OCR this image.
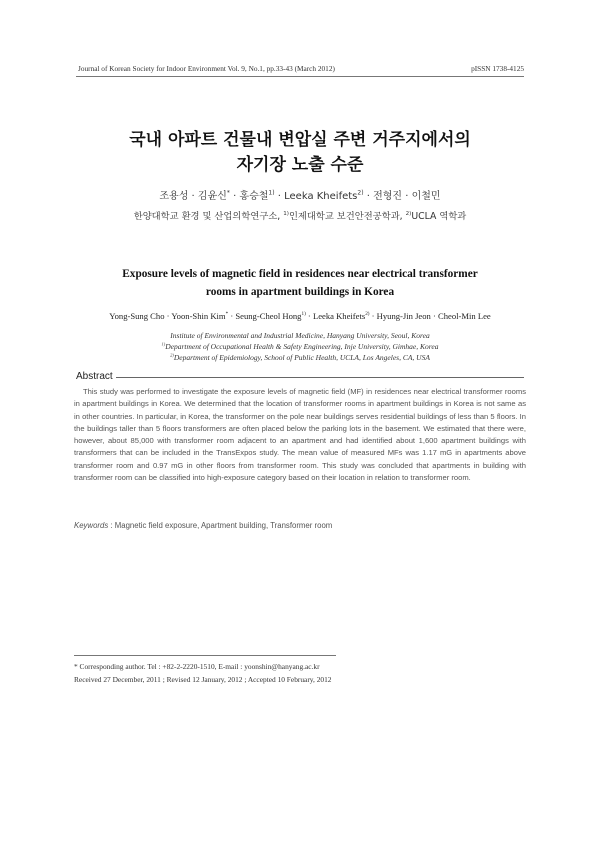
Journal of Korean Society for Indoor Environment Vol. 9, No.1, pp.33-43 (March 2012)	pISSN 1738-4125
국내 아파트 건물내 변압실 주변 거주지에서의
자기장 노출 수준
조용성 · 김윤신* · 홍승철$^{1)}$ · Leeka Kheifets$^{2)}$ · 전형진 · 이철민
한양대학교 환경 및 산업의학연구소, $^{1)}$인제대학교 보건안전공학과, $^{2)}$UCLA 역학과
Exposure levels of magnetic field in residences near electrical transformer
rooms in apartment buildings in Korea
Yong-Sung Cho · Yoon-Shin Kim* · Seung-Cheol Hong$^{1)}$ · Leeka Kheifets$^{2)}$ · Hyung-Jin Jeon · Cheol-Min Lee
Institute of Environmental and Industrial Medicine, Hanyang University, Seoul, Korea
$^{1)}$Department of Occupational Health & Safety Engineering, Inje University, Gimhae, Korea
$^{2)}$Department of Epidemiology, School of Public Health, UCLA, Los Angeles, CA, USA
Abstract
This study was performed to investigate the exposure levels of magnetic field (MF) in residences near electrical transformer rooms in apartment buildings in Korea. We determined that the location of transformer rooms in apartment buildings in Korea is not same as in other countries. In particular, in Korea, the transformer on the pole near buildings serves residential buildings of less than 5 floors. In the buildings taller than 5 floors transformers are often placed below the parking lots in the basement. We estimated that there were, however, about 85,000 with transformer room adjacent to an apartment and had identified about 1,600 apartment buildings with transformers that can be included in the TransExpos study. The mean value of measured MFs was 1.17 mG in apartments above transformer room and 0.97 mG in other floors from transformer room. This study was concluded that apartments in building with transformer room can be classified into high-exposure category based on their location in relation to transformer room.
Keywords : Magnetic field exposure, Apartment building, Transformer room
* Corresponding author. Tel : +82-2-2220-1510, E-mail : yoonshin@hanyang.ac.kr
Received 27 December, 2011 ; Revised 12 January, 2012 ; Accepted 10 February, 2012
